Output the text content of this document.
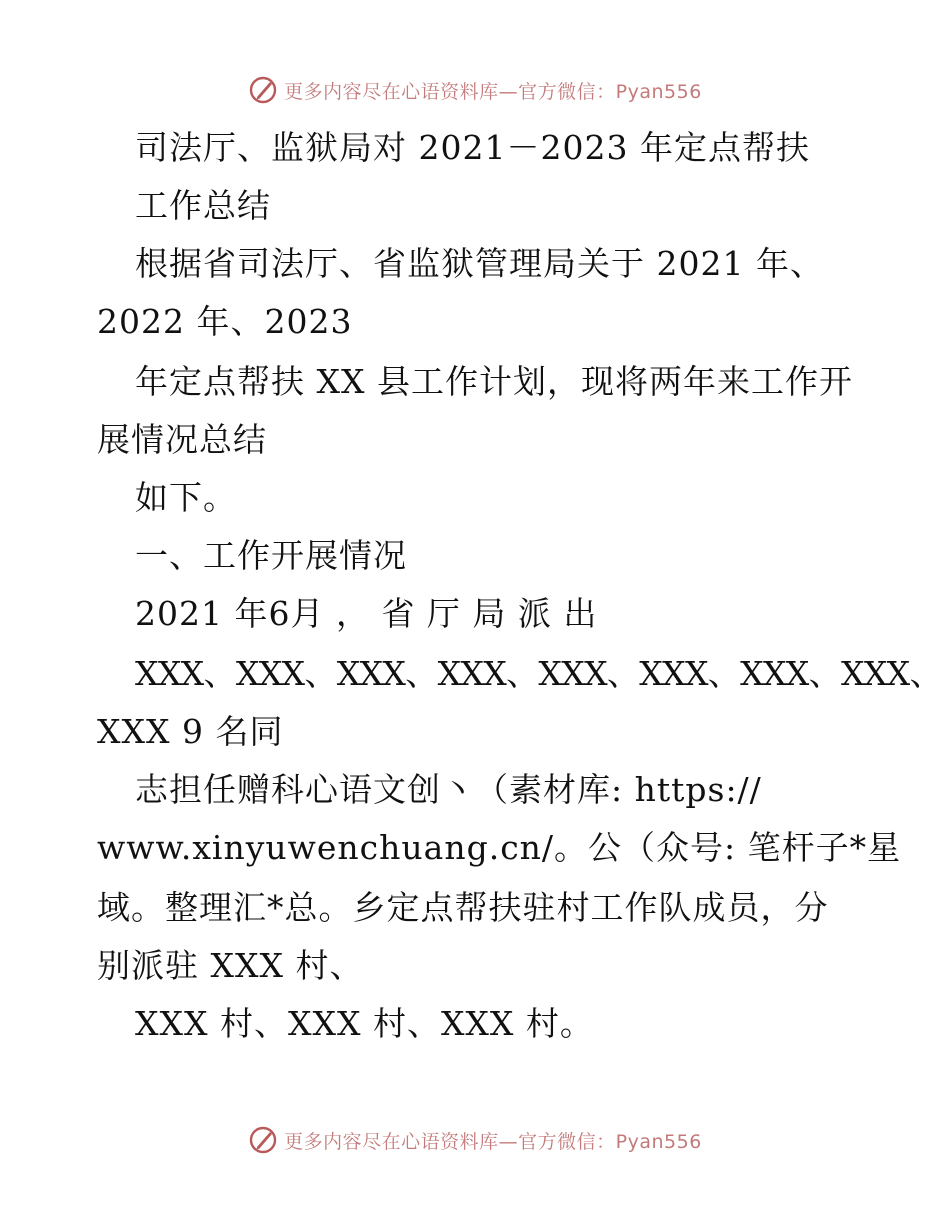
更多内容尽在心语资料库—官方微信：Pyan556
司法厅、监狱局对 2021－2023 年定点帮扶
工作总结
根据省司法厅、省监狱管理局关于 2021 年、
2022 年、2023
年定点帮扶 XX 县工作计划，现将两年来工作开
展情况总结
如下。
一、工作开展情况
2021 年6月 ， 省 厅 局 派 出
XXX、XXX、XXX、XXX、XXX、XXX、XXX、XXX、
XXX 9 名同
志担任赠科心语文创丶（素材库: https://
www.xinyuwenchuang.cn/。公（众号: 笔杆子*星
域。整理汇*总。乡定点帮扶驻村工作队成员，分
别派驻 XXX 村、
XXX 村、XXX 村、XXX 村。
更多内容尽在心语资料库—官方微信：Pyan556
